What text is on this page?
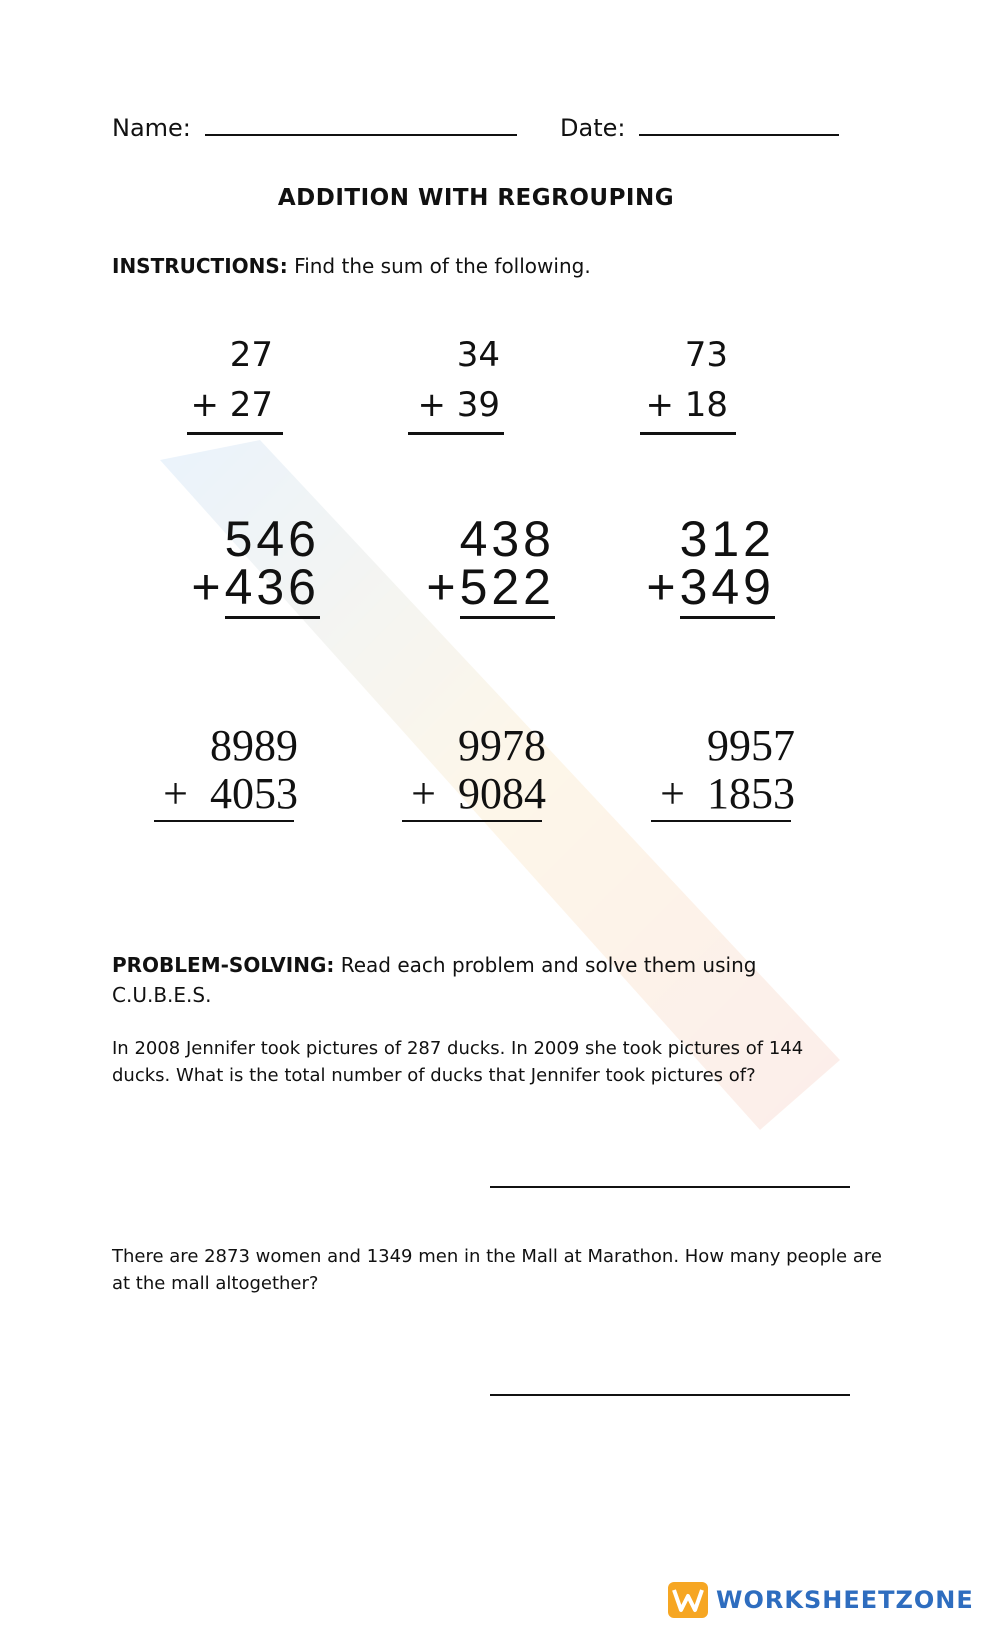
Name:	Date:
ADDITION WITH REGROUPING
INSTRUCTIONS: Find the sum of the following.
27
+ 27
34
+ 39
73
+ 18
546
+436
438
+522
312
+349
8989
+  4053
9978
+  9084
9957
+  1853
PROBLEM-SOLVING: Read each problem and solve them using
C.U.B.E.S.
In 2008 Jennifer took pictures of 287 ducks. In 2009 she took pictures of 144
ducks. What is the total number of ducks that Jennifer took pictures of?
There are 2873 women and 1349 men in the Mall at Marathon. How many people are
at the mall altogether?
WORKSHEETZONE
